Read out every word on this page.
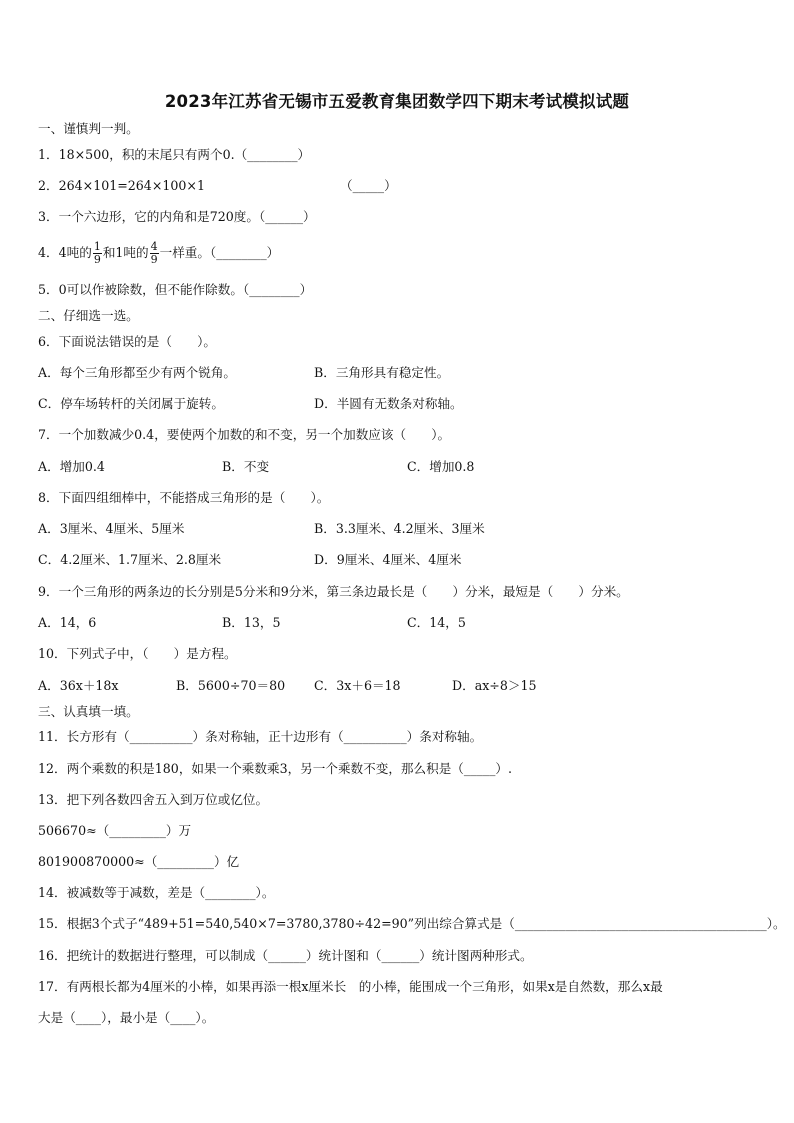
2023年江苏省无锡市五爱教育集团数学四下期末考试模拟试题
一、谨慎判一判。
1．18×500，积的末尾只有两个0.（________）
2．264×101=264×100×1	（_____）
3．一个六边形，它的内角和是720度。（______）
4．4吨的 $\frac{1}{9}$ 和1吨的 $\frac{4}{9}$ 一样重。（________）
5．0可以作被除数，但不能作除数。（________）
二、仔细选一选。
6．下面说法错误的是（　　）。
A．每个三角形都至少有两个锐角。	B．三角形具有稳定性。
C．停车场转杆的关闭属于旋转。	D．半圆有无数条对称轴。
7．一个加数减少0.4，要使两个加数的和不变，另一个加数应该（　　）。
A．增加0.4	B．不变	C．增加0.8
8．下面四组细棒中，不能搭成三角形的是（　　）。
A．3厘米、4厘米、5厘米	B．3.3厘米、4.2厘米、3厘米
C．4.2厘米、1.7厘米、2.8厘米	D．9厘米、4厘米、4厘米
9．一个三角形的两条边的长分别是5分米和9分米，第三条边最长是（　　）分米，最短是（　　）分米。
A．14，6	B．13，5	C．14，5
10．下列式子中，（　　）是方程。
A．36x＋18x	B．5600÷70＝80 C．3x＋6＝18	D．ax÷8＞15
三、认真填一填。
11．长方形有（__________）条对称轴，正十边形有（__________）条对称轴。
12．两个乘数的积是180，如果一个乘数乘3，另一个乘数不变，那么积是（_____）.
13．把下列各数四舍五入到万位或亿位。
506670≈（_________）万
801900870000≈（_________）亿
14．被减数等于减数，差是（________）。
15．根据3个式子“489+51=540,540×7=3780,3780÷42=90”列出综合算式是（________________________________________）。
16．把统计的数据进行整理，可以制成（______）统计图和（______）统计图两种形式。
17．有两根长都为4厘米的小棒，如果再添一根x厘米长　的小棒，能围成一个三角形，如果x是自然数，那么x最
大是（____），最小是（____）。
